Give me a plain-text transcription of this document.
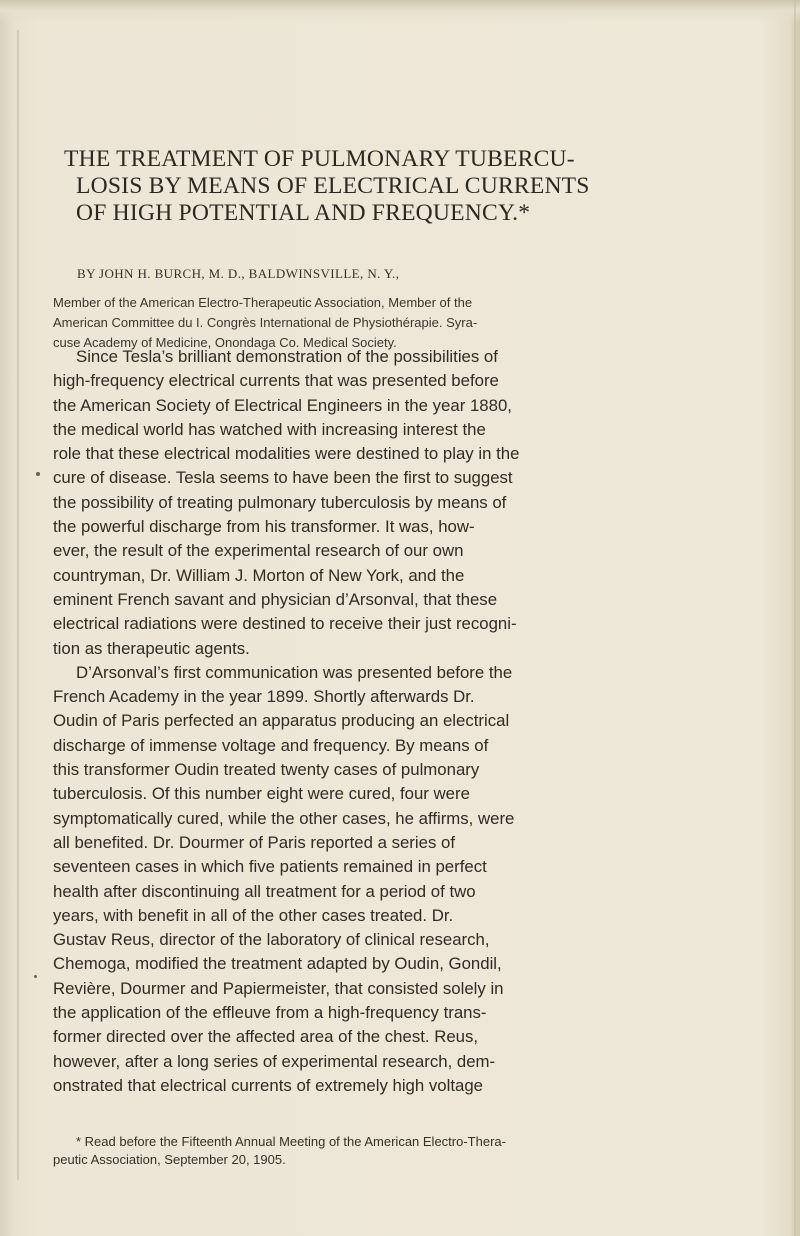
THE TREATMENT OF PULMONARY TUBERCU-
LOSIS BY MEANS OF ELECTRICAL CURRENTS
OF HIGH POTENTIAL AND FREQUENCY.*
BY JOHN H. BURCH, M. D., BALDWINSVILLE, N. Y.,
Member of the American Electro-Therapeutic Association, Member of the
American Committee du I. Congrès International de Physiothérapie. Syra-
cuse Academy of Medicine, Onondaga Co. Medical Society.
Since Tesla’s brilliant demonstration of the possibilities of
high-frequency electrical currents that was presented before
the American Society of Electrical Engineers in the year 1880,
the medical world has watched with increasing interest the
role that these electrical modalities were destined to play in the
cure of disease. Tesla seems to have been the first to suggest
the possibility of treating pulmonary tuberculosis by means of
the powerful discharge from his transformer. It was, how-
ever, the result of the experimental research of our own
countryman, Dr. William J. Morton of New York, and the
eminent French savant and physician d’Arsonval, that these
electrical radiations were destined to receive their just recogni-
tion as therapeutic agents.
D’Arsonval’s first communication was presented before the
French Academy in the year 1899. Shortly afterwards Dr.
Oudin of Paris perfected an apparatus producing an electrical
discharge of immense voltage and frequency. By means of
this transformer Oudin treated twenty cases of pulmonary
tuberculosis. Of this number eight were cured, four were
symptomatically cured, while the other cases, he affirms, were
all benefited. Dr. Dourmer of Paris reported a series of
seventeen cases in which five patients remained in perfect
health after discontinuing all treatment for a period of two
years, with benefit in all of the other cases treated. Dr.
Gustav Reus, director of the laboratory of clinical research,
Chemoga, modified the treatment adapted by Oudin, Gondil,
Revière, Dourmer and Papiermeister, that consisted solely in
the application of the effleuve from a high-frequency trans-
former directed over the affected area of the chest. Reus,
however, after a long series of experimental research, dem-
onstrated that electrical currents of extremely high voltage
* Read before the Fifteenth Annual Meeting of the American Electro-Thera-
peutic Association, September 20, 1905.
